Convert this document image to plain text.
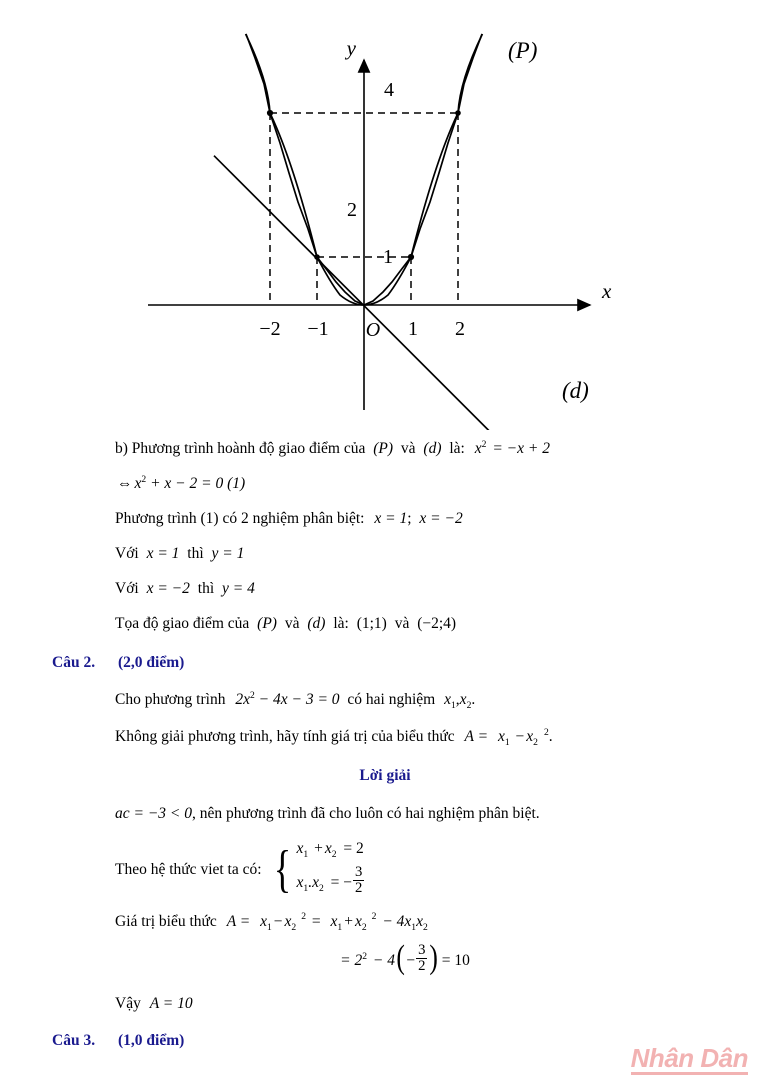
y
x
(P)
(d)
−2 −1	1 2
O
1
2
4
b) Phương trình hoành độ giao điểm của (P) và (d) là: $x^2 = -x + 2$
⇔ $x^2 + x - 2 = 0$ (1)
Phương trình (1) có 2 nghiệm phân biệt: x = 1; x = −2
Với x = 1 thì y = 1
Với x = −2 thì y = 4
Tọa độ giao điểm của (P) và (d) là: (1;1) và (−2;4)
Câu 2. (2,0 điểm)
Cho phương trình $2x^2 - 4x - 3 = 0$ có hai nghiệm $x_1,x_2$.
Không giải phương trình, hãy tính giá trị của biểu thức $A = x_1 - x_2^2$.
Lời giải
ac = −3 < 0, nên phương trình đã cho luôn có hai nghiệm phân biệt.
Theo hệ thức viet ta có: { $x_1 + x_2 = 2$
$x_1.x_2$ = − $\frac{3}{2}$
Giá trị biểu thức $A = x_1 - x_2^2 = x_1 + x_2^2 - 4x_1x_2$
= $2^2 - 4(- \frac{3}{2}$ ) = 10
Vậy A = 10
Câu 3. (1,0 điểm)
Nhân Dân
